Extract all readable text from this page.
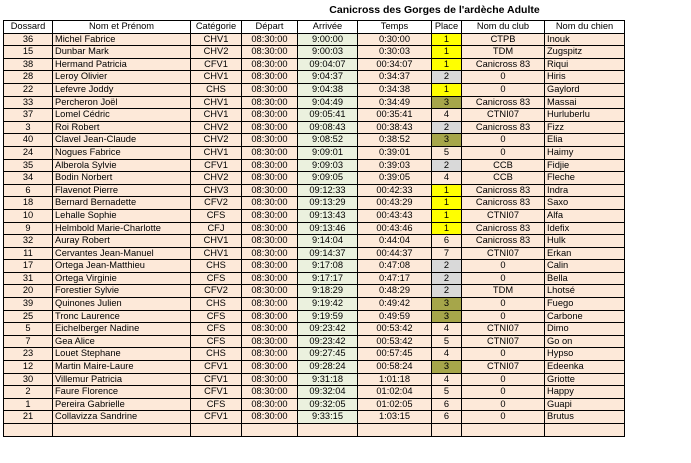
Canicross des Gorges de l'ardèche Adulte
Dossard	Nom et Prénom	Catégorie	Départ	Arrivée	Temps	Place	Nom du club	Nom du chien
36	Michel Fabrice	CHV1	08:30:00	9:00:00	0:30:00	1	CTPB	Inouk
15	Dunbar Mark	CHV2	08:30:00	9:00:03	0:30:03	1	TDM	Zugspitz
38	Hermand Patricia	CFV1	08:30:00	09:04:07	00:34:07	1	Canicross 83	Riqui
28	Leroy Olivier	CHV1	08:30:00	9:04:37	0:34:37	2	0	Hiris
22	Lefevre Joddy	CHS	08:30:00	9:04:38	0:34:38	1	0	Gaylord
33	Percheron Joël	CHV1	08:30:00	9:04:49	0:34:49	3	Canicross 83	Massai
37	Lomel Cédric	CHV1	08:30:00	09:05:41	00:35:41	4	CTNI07	Hurluberlu
3	Roi Robert	CHV2	08:30:00	09:08:43	00:38:43	2	Canicross 83	Fizz
40	Clavel Jean-Claude	CHV2	08:30:00	9:08:52	0:38:52	3	0	Elia
24	Nogues Fabrice	CHV1	08:30:00	9:09:01	0:39:01	5	0	Haimy
35	Alberola Sylvie	CFV1	08:30:00	9:09:03	0:39:03	2	CCB	Fidjie
34	Bodin Norbert	CHV2	08:30:00	9:09:05	0:39:05	4	CCB	Fleche
6	Flavenot Pierre	CHV3	08:30:00	09:12:33	00:42:33	1	Canicross 83	Indra
18	Bernard Bernadette	CFV2	08:30:00	09:13:29	00:43:29	1	Canicross 83	Saxo
10	Lehalle Sophie	CFS	08:30:00	09:13:43	00:43:43	1	CTNI07	Alfa
9	Helmbold Marie-Charlotte	CFJ	08:30:00	09:13:46	00:43:46	1	Canicross 83	Idefix
32	Auray Robert	CHV1	08:30:00	9:14:04	0:44:04	6	Canicross 83	Hulk
11	Cervantes Jean-Manuel	CHV1	08:30:00	09:14:37	00:44:37	7	CTNI07	Erkan
17	Ortega Jean-Matthieu	CHS	08:30:00	9:17:08	0:47:08	2	0	Calin
31	Ortega Virginie	CFS	08:30:00	9:17:17	0:47:17	2	0	Bella
20	Forestier Sylvie	CFV2	08:30:00	9:18:29	0:48:29	2	TDM	Lhotsé
39	Quinones Julien	CHS	08:30:00	9:19:42	0:49:42	3	0	Fuego
25	Tronc Laurence	CFS	08:30:00	9:19:59	0:49:59	3	0	Carbone
5	Eichelberger Nadine	CFS	08:30:00	09:23:42	00:53:42	4	CTNI07	Dimo
7	Gea Alice	CFS	08:30:00	09:23:42	00:53:42	5	CTNI07	Go on
23	Louet Stephane	CHS	08:30:00	09:27:45	00:57:45	4	0	Hypso
12	Martin Maire-Laure	CFV1	08:30:00	09:28:24	00:58:24	3	CTNI07	Edeenka
30	Villemur Patricia	CFV1	08:30:00	9:31:18	1:01:18	4	0	Griotte
2	Faure Florence	CFV1	08:30:00	09:32:04	01:02:04	5	0	Happy
1	Pereira Gabrielle	CFS	08:30:00	09:32:05	01:02:05	6	0	Guapi
21	Collavizza Sandrine	CFV1	08:30:00	9:33:15	1:03:15	6	0	Brutus
